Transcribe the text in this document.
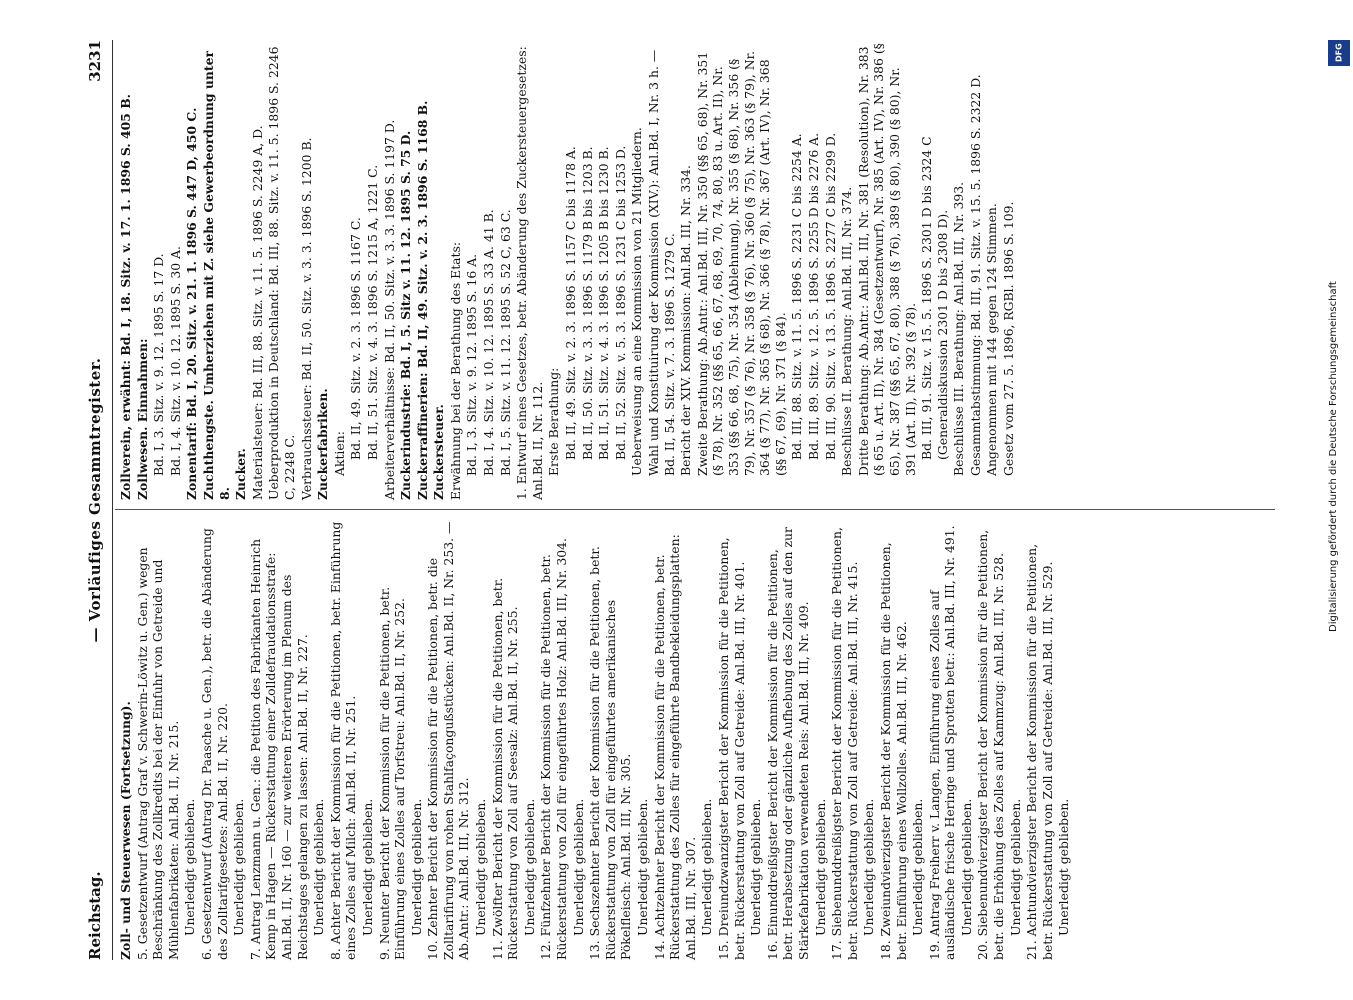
Reichstag.
— Vorläufiges Gesammtregister.
3231
Zoll- und Steuerwesen (Fortsetzung). 5. Gesetzentwurf (Antrag Graf v. Schwerin-Löwitz u. Gen.) wegen Beschränkung des Zollkredits bei der Einfuhr von Getreide und Mühlenfabrikaten: Anl.Bd. II, Nr. 215. Unerledigt geblieben. 6. Gesetzentwurf (Antrag Dr. Paasche u. Gen.), betr. die Abänderung des Zolltarifgesetzes: Anl.Bd. II, Nr. 220. Unerledigt geblieben. 7. Antrag Lenzmann u. Gen.: die Petition des Fabrikanten Heinrich Kemp in Hagen — Rückerstattung einer Zolldefraudationsstrafe: Anl.Bd. II, Nr. 160 — zur weiteren Erörterung im Plenum des Reichstages gelangen zu lassen: Anl.Bd. II, Nr. 227. Unerledigt geblieben. 8. Achter Bericht der Kommission für die Petitionen, betr. Einführung eines Zolles auf Milch: Anl.Bd. II, Nr. 251. Unerledigt geblieben. 9. Neunter Bericht der Kommission für die Petitionen, betr. Einführung eines Zolles auf Torfstreu: Anl.Bd. II, Nr. 252. Unerledigt geblieben. 10. Zehnter Bericht der Kommission für die Petitionen, betr. die Zolltarifirung von rohen Stahlfaçongußstücken: Anl.Bd. II, Nr. 253. — Ab.Antr.: Anl.Bd. III, Nr. 312. Unerledigt geblieben. 11. Zwölfter Bericht der Kommission für die Petitionen, betr. Rückerstattung von Zoll auf Seesalz: Anl.Bd. II, Nr. 255. Unerledigt geblieben. 12. Fünfzehnter Bericht der Kommission für die Petitionen, betr. Rückerstattung von Zoll für eingeführtes Holz: Anl.Bd. III, Nr. 304. Unerledigt geblieben. 13. Sechszehnter Bericht der Kommission für die Petitionen, betr. Rückerstattung von Zoll für eingeführtes amerikanisches Pökelfleisch: Anl.Bd. III, Nr. 305. Unerledigt geblieben. 14. Achtzehnter Bericht der Kommission für die Petitionen, betr. Rückerstattung des Zolles für eingeführte Bandbekleidungsplatten: Anl.Bd. III, Nr. 307. Unerledigt geblieben. 15. Dreiundzwanzigster Bericht der Kommission für die Petitionen, betr. Rückerstattung von Zoll auf Getreide: Anl.Bd. III, Nr. 401. Unerledigt geblieben. 16. Einunddreißigster Bericht der Kommission für die Petitionen, betr. Herabsetzung oder gänzliche Aufhebung des Zolles auf den zur Stärkefabrikation verwendeten Reis: Anl.Bd. III, Nr. 409. Unerledigt geblieben. 17. Siebenunddreißigster Bericht der Kommission für die Petitionen, betr. Rückerstattung von Zoll auf Getreide: Anl.Bd. III, Nr. 415. Unerledigt geblieben. 18. Zweiundvierzigster Bericht der Kommission für die Petitionen, betr. Einführung eines Wollzolles. Anl.Bd. III, Nr. 462. Unerledigt geblieben. 19. Antrag Freiherr v. Langen, Einführung eines Zolles auf ausländische frische Heringe und Sprotten betr.: Anl.Bd. III, Nr. 491. Unerledigt geblieben. 20. Siebenundvierzigster Bericht der Kommission für die Petitionen, betr. die Erhöhung des Zolles auf Kammzug: Anl.Bd. III, Nr. 528. Unerledigt geblieben. 21. Achtundvierzigster Bericht der Kommission für die Petitionen, betr. Rückerstattung von Zoll auf Getreide: Anl.Bd. III, Nr. 529. Unerledigt geblieben.
Zollverein, erwähnt: Bd. I, 18. Sitz. v. 17. 1. 1896 S. 405 B. Zollwesen. Einnahmen: Bd. I, 3. Sitz. v. 9. 12. 1895 S. 17 D. Bd. I, 4. Sitz. v. 10. 12. 1895 S. 30 A. Zonentarif: Bd. I, 20. Sitz. v. 21. 1. 1896 S. 447 D, 450 C. Zuchthengste. Umherziehen mit Z. siehe Gewerbeordnung unter 8. Zucker. Materialsteuer: Bd. III, 88. Sitz. v. 11. 5. 1896 S. 2249 A, D. Ueberproduktion in Deutschland: Bd. III, 88. Sitz. v. 11. 5. 1896 S. 2246 C, 2248 C. Verbrauchssteuer: Bd. II, 50. Sitz. v. 3. 3. 1896 S. 1200 B. Zuckerfabriken. Aktien: Bd. II, 49. Sitz. v. 2. 3. 1896 S. 1167 C. Bd. II, 51. Sitz. v. 4. 3. 1896 S. 1215 A, 1221 C. Arbeiterverhältnisse: Bd. II, 50. Sitz. v. 3. 3. 1896 S. 1197 D. Zuckerindustrie: Bd. I, 5. Sitz v. 11. 12. 1895 S. 75 D. Zuckerraffinerien: Bd. II, 49. Sitz. v. 2. 3. 1896 S. 1168 B. Zuckersteuer. Erwähnung bei der Berathung des Etats: Bd. I, 3. Sitz. v. 9. 12. 1895 S. 16 A. Bd. I, 4. Sitz. v. 10. 12. 1895 S. 33 A. 41 B. Bd. I, 5. Sitz. v. 11. 12. 1895 S. 52 C, 63 C. 1. Entwurf eines Gesetzes, betr. Abänderung des Zuckersteuergesetzes: Anl.Bd. II, Nr. 112. Erste Berathung: Bd. II, 49. Sitz. v. 2. 3. 1896 S. 1157 C bis 1178 A. Bd. II, 50. Sitz. v. 3. 3. 1896 S. 1179 B bis 1203 B. Bd. II, 51. Sitz. v. 4. 3. 1896 S. 1205 B bis 1230 B. Bd. II, 52. Sitz. v. 5. 3. 1896 S. 1231 C bis 1253 D. Ueberweisung an eine Kommission von 21 Mitgliedern. Wahl und Konstituirung der Kommission (XIV.): Anl.Bd. I, Nr. 3 h. — Bd. II, 54. Sitz. v. 7. 3. 1896 S. 1279 C. Bericht der XIV. Kommission: Anl.Bd. III, Nr. 334. Zweite Berathung: Ab.Antr.: Anl.Bd. III, Nr. 350 (§§ 65, 68), Nr. 351 (§ 78), Nr. 352 (§§ 65, 66, 67, 68, 69, 70, 74, 80, 83 u. Art. II), Nr. 353 (§§ 66, 68, 75), Nr. 354 (Ablehnung), Nr. 355 (§ 68), Nr. 356 (§ 79), Nr. 357 (§ 76), Nr. 358 (§ 76), Nr. 360 (§ 75), Nr. 363 (§ 79), Nr. 364 (§ 77), Nr. 365 (§ 68), Nr. 366 (§ 78), Nr. 367 (Art. IV), Nr. 368 (§§ 67, 69), Nr. 371 (§ 84). Bd. III, 88. Sitz. v. 11. 5. 1896 S. 2231 C bis 2254 A. Bd. III, 89. Sitz. v. 12. 5. 1896 S. 2255 D bis 2276 A. Bd. III, 90. Sitz. v. 13. 5. 1896 S. 2277 C bis 2299 D. Beschlüsse II. Berathung: Anl.Bd. III, Nr. 374. Dritte Berathung: Ab.Antr.: Anl.Bd. III, Nr. 381 (Resolution), Nr. 383 (§ 65 u. Art. II), Nr. 384 (Gesetzentwurf), Nr. 385 (Art. IV), Nr. 386 (§ 65), Nr. 387 (§§ 65, 67, 80), 388 (§ 76), 389 (§ 80), 390 (§ 80), Nr. 391 (Art. II), Nr. 392 (§ 78). Bd. III, 91. Sitz. v. 15. 5. 1896 S. 2301 D bis 2324 C (Generaldiskussion 2301 D bis 2308 D). Beschlüsse III. Berathung: Anl.Bd. III, Nr. 393. Gesammtabstimmung: Bd. III, 91. Sitz. v. 15. 5. 1896 S. 2322 D. Angenommen mit 144 gegen 124 Stimmen. Gesetz vom 27. 5. 1896, RGBl. 1896 S. 109.
DFG
Digitalisierung gefördert durch die Deutsche Forschungsgemeinschaft
